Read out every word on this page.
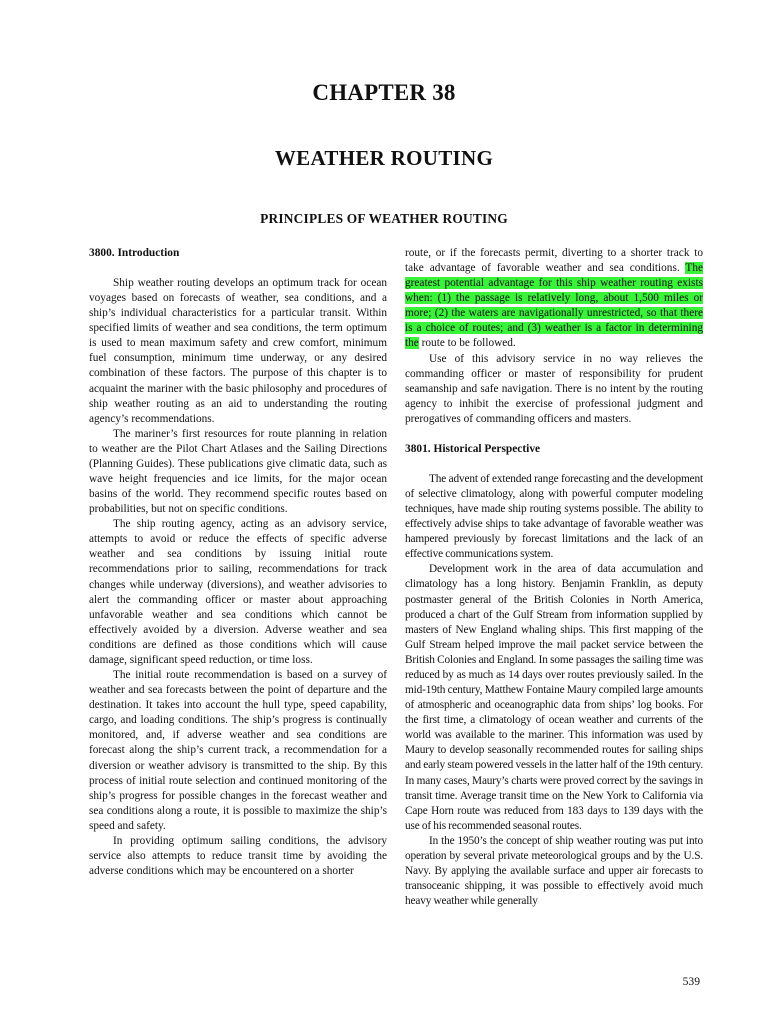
CHAPTER 38
WEATHER ROUTING
PRINCIPLES OF WEATHER ROUTING
3800. Introduction

Ship weather routing develops an optimum track for ocean voyages based on forecasts of weather, sea conditions, and a ship’s individual characteristics for a particular transit. Within specified limits of weather and sea conditions, the term optimum is used to mean maximum safety and crew comfort, minimum fuel consumption, minimum time underway, or any desired combination of these factors. The purpose of this chapter is to acquaint the mariner with the basic philosophy and procedures of ship weather routing as an aid to understanding the routing agency’s recommendations.

The mariner’s first resources for route planning in relation to weather are the Pilot Chart Atlases and the Sailing Directions (Planning Guides). These publications give climatic data, such as wave height frequencies and ice limits, for the major ocean basins of the world. They recommend specific routes based on probabilities, but not on specific conditions.

The ship routing agency, acting as an advisory service, attempts to avoid or reduce the effects of specific adverse weather and sea conditions by issuing initial route recommendations prior to sailing, recommendations for track changes while underway (diversions), and weather advisories to alert the commanding officer or master about approaching unfavorable weather and sea conditions which cannot be effectively avoided by a diversion. Adverse weather and sea conditions are defined as those conditions which will cause damage, significant speed reduction, or time loss.

The initial route recommendation is based on a survey of weather and sea forecasts between the point of departure and the destination. It takes into account the hull type, speed capability, cargo, and loading conditions. The ship’s progress is continually monitored, and, if adverse weather and sea conditions are forecast along the ship’s current track, a recommendation for a diversion or weather advisory is transmitted to the ship. By this process of initial route selection and continued monitoring of the ship’s progress for possible changes in the forecast weather and sea conditions along a route, it is possible to maximize the ship’s speed and safety.

In providing optimum sailing conditions, the advisory service also attempts to reduce transit time by avoiding the adverse conditions which may be encountered on a shorter

route, or if the forecasts permit, diverting to a shorter track to take advantage of favorable weather and sea conditions. The greatest potential advantage for this ship weather routing exists when: (1) the passage is relatively long, about 1,500 miles or more; (2) the waters are navigationally unrestricted, so that there is a choice of routes; and (3) weather is a factor in determining the route to be followed.

Use of this advisory service in no way relieves the commanding officer or master of responsibility for prudent seamanship and safe navigation. There is no intent by the routing agency to inhibit the exercise of professional judgment and prerogatives of commanding officers and masters.

3801. Historical Perspective

The advent of extended range forecasting and the development of selective climatology, along with powerful computer modeling techniques, have made ship routing systems possible. The ability to effectively advise ships to take advantage of favorable weather was hampered previously by forecast limitations and the lack of an effective communications system.

Development work in the area of data accumulation and climatology has a long history. Benjamin Franklin, as deputy postmaster general of the British Colonies in North America, produced a chart of the Gulf Stream from information supplied by masters of New England whaling ships. This first mapping of the Gulf Stream helped improve the mail packet service between the British Colonies and England. In some passages the sailing time was reduced by as much as 14 days over routes previously sailed. In the mid-19th century, Matthew Fontaine Maury compiled large amounts of atmospheric and oceanographic data from ships’ log books. For the first time, a climatology of ocean weather and currents of the world was available to the mariner. This information was used by Maury to develop seasonally recommended routes for sailing ships and early steam powered vessels in the latter half of the 19th century. In many cases, Maury’s charts were proved correct by the savings in transit time. Average transit time on the New York to California via Cape Horn route was reduced from 183 days to 139 days with the use of his recommended seasonal routes.

In the 1950’s the concept of ship weather routing was put into operation by several private meteorological groups and by the U.S. Navy. By applying the available surface and upper air forecasts to transoceanic shipping, it was possible to effectively avoid much heavy weather while generally

539
